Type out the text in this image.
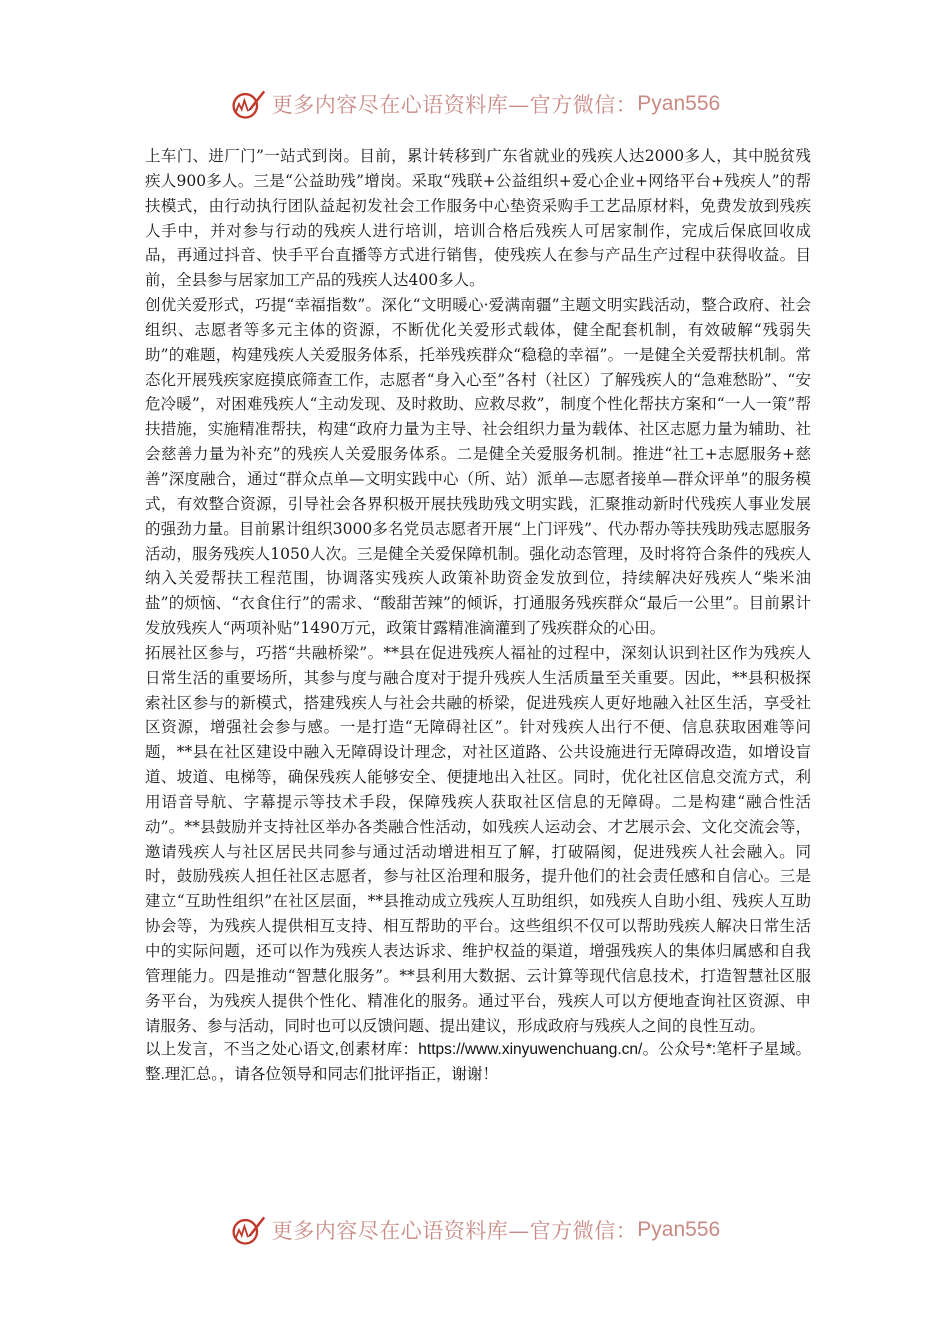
更多内容尽在心语资料库—官方微信： Pyan556

上车门、进厂门”一站式到岗。目前，累计转移到广东省就业的残疾人达2000多人，其中脱贫残疾人900多人。三是“公益助残”增岗。采取“残联+公益组织+爱心企业+网络平台+残疾人”的帮扶模式，由行动执行团队益起初发社会工作服务中心垫资采购手工艺品原材料，免费发放到残疾人手中，并对参与行动的残疾人进行培训，培训合格后残疾人可居家制作，完成后保底回收成品，再通过抖音、快手平台直播等方式进行销售，使残疾人在参与产品生产过程中获得收益。目前，全县参与居家加工产品的残疾人达400多人。

创优关爱形式，巧提“幸福指数”。深化“文明暖心·爱满南疆”主题文明实践活动，整合政府、社会组织、志愿者等多元主体的资源，不断优化关爱形式载体，健全配套机制，有效破解“残弱失助”的难题，构建残疾人关爱服务体系，托举残疾群众“稳稳的幸福”。一是健全关爱帮扶机制。常态化开展残疾家庭摸底筛查工作，志愿者“身入心至”各村（社区）了解残疾人的“急难愁盼”、“安危冷暖”，对困难残疾人“主动发现、及时救助、应救尽救”，制度个性化帮扶方案和“一人一策”帮扶措施，实施精准帮扶，构建“政府力量为主导、社会组织力量为载体、社区志愿力量为辅助、社会慈善力量为补充”的残疾人关爱服务体系。二是健全关爱服务机制。推进“社工+志愿服务+慈善”深度融合，通过“群众点单—文明实践中心（所、站）派单—志愿者接单—群众评单”的服务模式，有效整合资源，引导社会各界积极开展扶残助残文明实践，汇聚推动新时代残疾人事业发展的强劲力量。目前累计组织3000多名党员志愿者开展“上门评残”、代办帮办等扶残助残志愿服务活动，服务残疾人1050人次。三是健全关爱保障机制。强化动态管理，及时将符合条件的残疾人纳入关爱帮扶工程范围，协调落实残疾人政策补助资金发放到位，持续解决好残疾人“柴米油盐”的烦恼、“衣食住行”的需求、“酸甜苦辣”的倾诉，打通服务残疾群众“最后一公里”。目前累计发放残疾人“两项补贴”1490万元，政策甘露精准滴灌到了残疾群众的心田。

拓展社区参与，巧搭“共融桥梁”。**县在促进残疾人福祉的过程中，深刻认识到社区作为残疾人日常生活的重要场所，其参与度与融合度对于提升残疾人生活质量至关重要。因此，**县积极探索社区参与的新模式，搭建残疾人与社会共融的桥梁，促进残疾人更好地融入社区生活，享受社区资源，增强社会参与感。一是打造“无障碍社区”。针对残疾人出行不便、信息获取困难等问题，**县在社区建设中融入无障碍设计理念，对社区道路、公共设施进行无障碍改造，如增设盲道、坡道、电梯等，确保残疾人能够安全、便捷地出入社区。同时，优化社区信息交流方式，利用语音导航、字幕提示等技术手段，保障残疾人获取社区信息的无障碍。二是构建“融合性活动”。**县鼓励并支持社区举办各类融合性活动，如残疾人运动会、才艺展示会、文化交流会等，邀请残疾人与社区居民共同参与通过活动增进相互了解，打破隔阂，促进残疾人社会融入。同时，鼓励残疾人担任社区志愿者，参与社区治理和服务，提升他们的社会责任感和自信心。三是建立“互助性组织”在社区层面，**县推动成立残疾人互助组织，如残疾人自助小组、残疾人互助协会等，为残疾人提供相互支持、相互帮助的平台。这些组织不仅可以帮助残疾人解决日常生活中的实际问题，还可以作为残疾人表达诉求、维护权益的渠道，增强残疾人的集体归属感和自我管理能力。四是推动“智慧化服务”。**县利用大数据、云计算等现代信息技术，打造智慧社区服务平台，为残疾人提供个性化、精准化的服务。通过平台，残疾人可以方便地查询社区资源、申请服务、参与活动，同时也可以反馈问题、提出建议，形成政府与残疾人之间的良性互动。

以上发言，不当之处心语文,创素材库：https://www.xinyuwenchuang.cn/。公众号*:笔杆子星域。整.理汇总。，请各位领导和同志们批评指正，谢谢！

更多内容尽在心语资料库—官方微信： Pyan556
